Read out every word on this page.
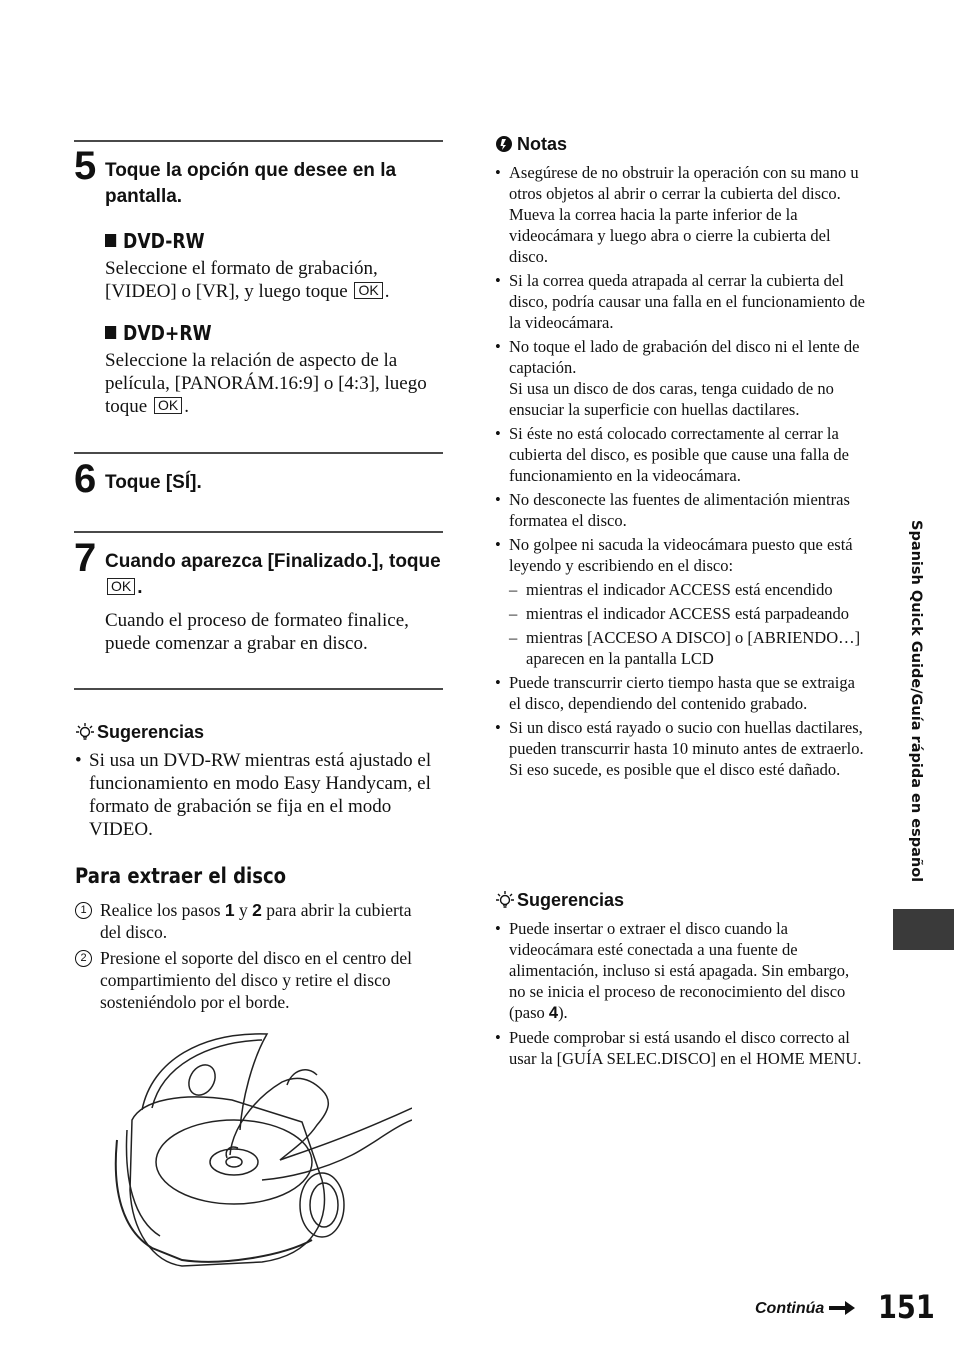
5 Toque la opción que desee en la pantalla.
DVD-RW
Seleccione el formato de grabación, [VIDEO] o [VR], y luego toque OK .
DVD+RW
Seleccione la relación de aspecto de la película, [PANORÁM.16:9] o [4:3], luego toque OK .
6 Toque [SÍ].
7 Cuando aparezca [Finalizado.], toque OK .
Cuando el proceso de formateo finalice, puede comenzar a grabar en disco.
Sugerencias
• Si usa un DVD-RW mientras está ajustado el funcionamiento en modo Easy Handycam, el formato de grabación se fija en el modo VIDEO.
Para extraer el disco
1 Realice los pasos 1 y 2 para abrir la cubierta del disco.
2 Presione el soporte del disco en el centro del compartimiento del disco y retire el disco sosteniéndolo por el borde.
Notas
• Asegúrese de no obstruir la operación con su mano u otros objetos al abrir o cerrar la cubierta del disco. Mueva la correa hacia la parte inferior de la videocámara y luego abra o cierre la cubierta del disco.
• Si la correa queda atrapada al cerrar la cubierta del disco, podría causar una falla en el funcionamiento de la videocámara.
• No toque el lado de grabación del disco ni el lente de captación.
Si usa un disco de dos caras, tenga cuidado de no ensuciar la superficie con huellas dactilares.
• Si éste no está colocado correctamente al cerrar la cubierta del disco, es posible que cause una falla de funcionamiento en la videocámara.
• No desconecte las fuentes de alimentación mientras formatea el disco.
• No golpee ni sacuda la videocámara puesto que está leyendo y escribiendo en el disco:
– mientras el indicador ACCESS está encendido
– mientras el indicador ACCESS está parpadeando
– mientras [ACCESO A DISCO] o [ABRIENDO…] aparecen en la pantalla LCD
• Puede transcurrir cierto tiempo hasta que se extraiga el disco, dependiendo del contenido grabado.
• Si un disco está rayado o sucio con huellas dactilares, pueden transcurrir hasta 10 minuto antes de extraerlo. Si eso sucede, es posible que el disco esté dañado.
Sugerencias
• Puede insertar o extraer el disco cuando la videocámara esté conectada a una fuente de alimentación, incluso si está apagada. Sin embargo, no se inicia el proceso de reconocimiento del disco (paso 4).
• Puede comprobar si está usando el disco correcto al usar la [GUÍA SELEC.DISCO] en el HOME MENU.
Spanish Quick Guide/Guía rápida en español
Continúa	151
